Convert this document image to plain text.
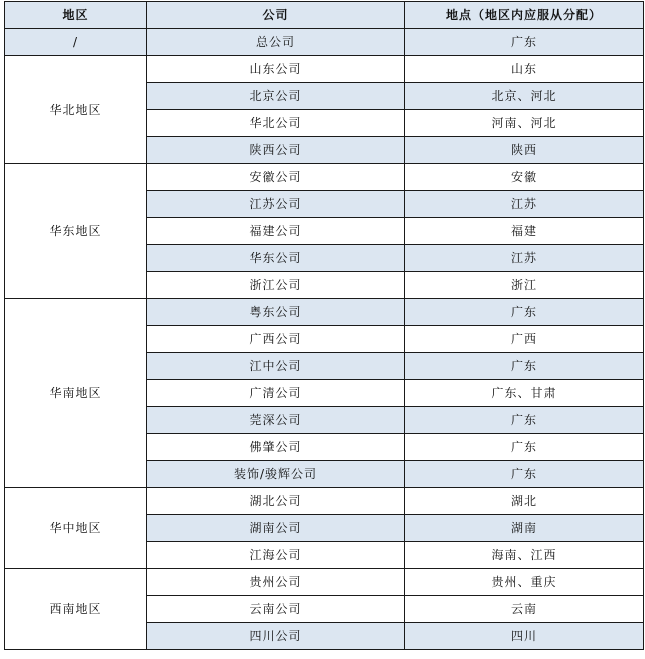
地区	公司	地点（地区内应服从分配）
/	总公司	广东
华北地区	山东公司	山东
	北京公司	北京、河北
	华北公司	河南、河北
	陕西公司	陕西
华东地区	安徽公司	安徽
	江苏公司	江苏
	福建公司	福建
	华东公司	江苏
	浙江公司	浙江
华南地区	粤东公司	广东
	广西公司	广西
	江中公司	广东
	广清公司	广东、甘肃
	莞深公司	广东
	佛肇公司	广东
	装饰/骏辉公司	广东
华中地区	湖北公司	湖北
	湖南公司	湖南
	江海公司	海南、江西
西南地区	贵州公司	贵州、重庆
	云南公司	云南
	四川公司	四川
